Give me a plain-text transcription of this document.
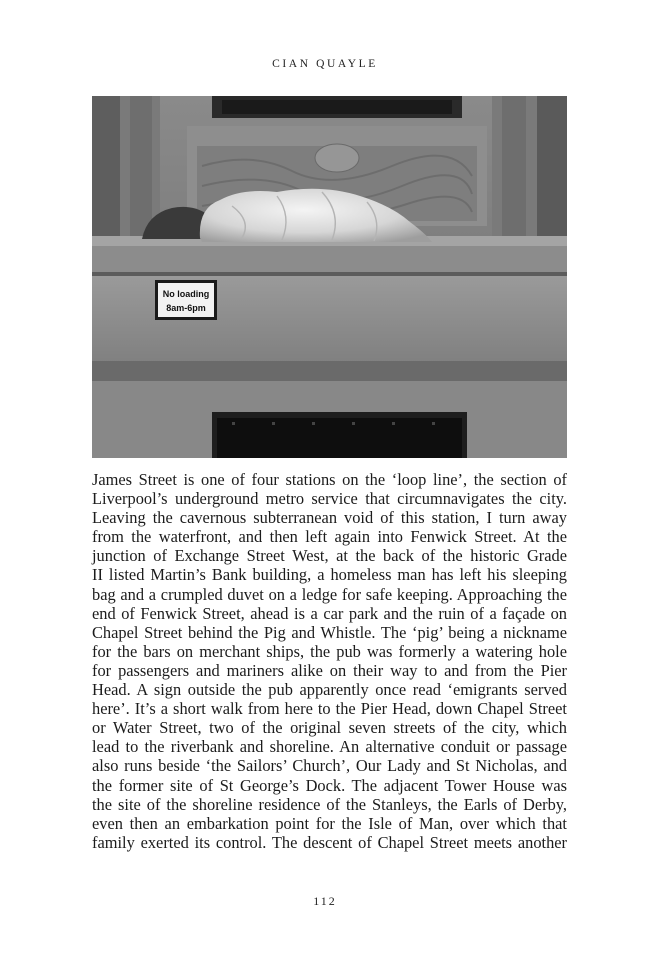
CIAN QUAYLE
No loading
8am-6pm
James Street is one of four stations on the ‘loop line’, the section of
Liverpool’s underground metro service that circumnavigates the city.
Leaving the cavernous subterranean void of this station, I turn away
from the waterfront, and then left again into Fenwick Street. At the
junction of Exchange Street West, at the back of the historic Grade
II listed Martin’s Bank building, a homeless man has left his sleeping
bag and a crumpled duvet on a ledge for safe keeping. Approaching the
end of Fenwick Street, ahead is a car park and the ruin of a façade on
Chapel Street behind the Pig and Whistle. The ‘pig’ being a nickname
for the bars on merchant ships, the pub was formerly a watering hole
for passengers and mariners alike on their way to and from the Pier
Head. A sign outside the pub apparently once read ‘emigrants served
here’. It’s a short walk from here to the Pier Head, down Chapel Street
or Water Street, two of the original seven streets of the city, which
lead to the riverbank and shoreline. An alternative conduit or passage
also runs beside ‘the Sailors’ Church’, Our Lady and St Nicholas, and
the former site of St George’s Dock. The adjacent Tower House was
the site of the shoreline residence of the Stanleys, the Earls of Derby,
even then an embarkation point for the Isle of Man, over which that
family exerted its control. The descent of Chapel Street meets another
112
